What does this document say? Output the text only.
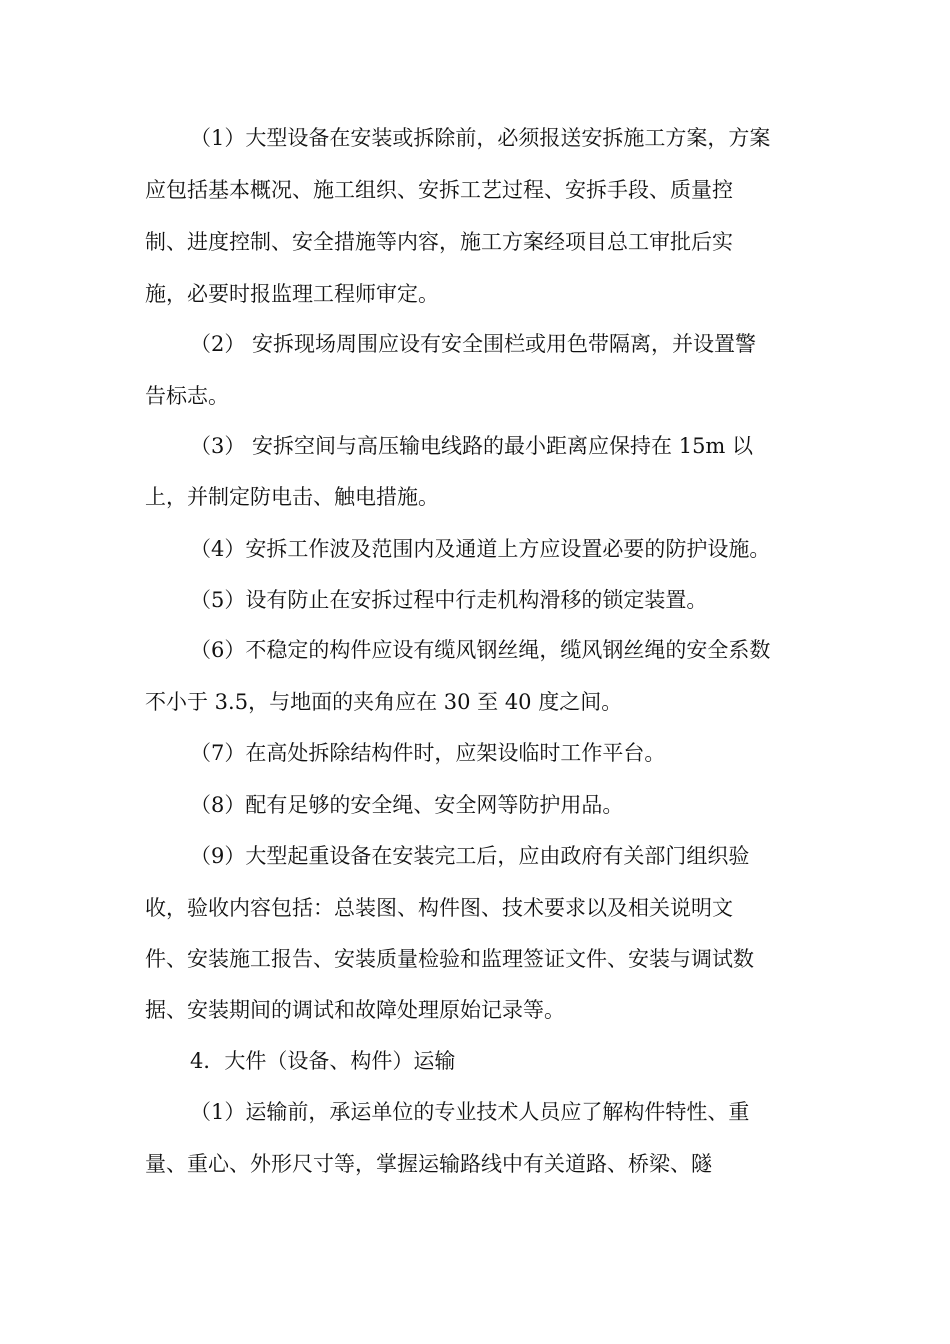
（1）大型设备在安装或拆除前，必须报送安拆施工方案，方案
应包括基本概况、施工组织、安拆工艺过程、安拆手段、质量控
制、进度控制、安全措施等内容，施工方案经项目总工审批后实
施，必要时报监理工程师审定。
（2） 安拆现场周围应设有安全围栏或用色带隔离，并设置警
告标志。
（3） 安拆空间与高压输电线路的最小距离应保持在 15m 以
上，并制定防电击、触电措施。
（4）安拆工作波及范围内及通道上方应设置必要的防护设施。
（5）设有防止在安拆过程中行走机构滑移的锁定装置。
（6）不稳定的构件应设有缆风钢丝绳，缆风钢丝绳的安全系数
不小于 3.5，与地面的夹角应在 30 至 40 度之间。
（7）在高处拆除结构件时，应架设临时工作平台。
（8）配有足够的安全绳、安全网等防护用品。
（9）大型起重设备在安装完工后，应由政府有关部门组织验
收，验收内容包括：总装图、构件图、技术要求以及相关说明文
件、安装施工报告、安装质量检验和监理签证文件、安装与调试数
据、安装期间的调试和故障处理原始记录等。
4．大件（设备、构件）运输
（1）运输前，承运单位的专业技术人员应了解构件特性、重
量、重心、外形尺寸等，掌握运输路线中有关道路、桥梁、隧
